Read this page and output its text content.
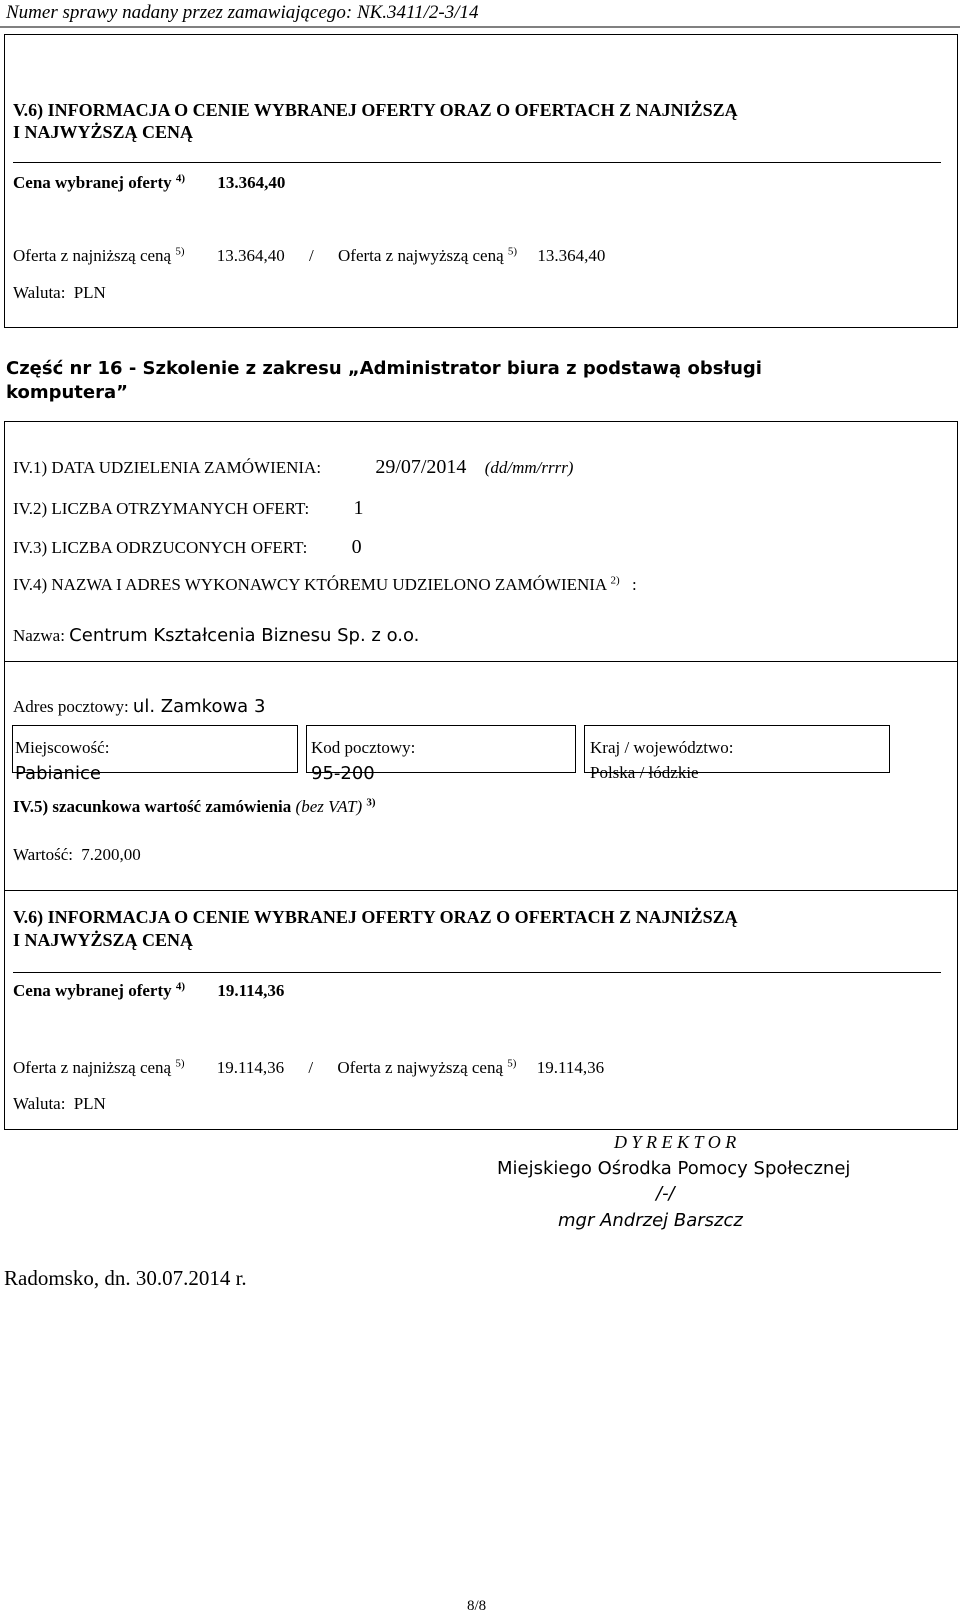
Numer sprawy nadany przez zamawiającego: NK.3411/2-3/14
V.6) INFORMACJA O CENIE WYBRANEJ OFERTY ORAZ O OFERTACH Z NAJNIŻSZĄ
I NAJWYŻSZĄ CENĄ
Cena wybranej oferty $^{4)}$ 13.364,40
Oferta z najniższą ceną $^{5)}$ 13.364,40 / Oferta z najwyższą ceną $^{5)}$ 13.364,40
Waluta: PLN
Część nr 16 - Szkolenie z zakresu „Administrator biura z podstawą obsługi
komputera”
IV.1) DATA UDZIELENIA ZAMÓWIENIA:	29/07/2014 (dd/mm/rrrr)
IV.2) LICZBA OTRZYMANYCH OFERT: 1
IV.3) LICZBA ODRZUCONYCH OFERT: 0
IV.4) NAZWA I ADRES WYKONAWCY KTÓREMU UDZIELONO ZAMÓWIENIA $^{2)}$ :
Nazwa: Centrum Kształcenia Biznesu Sp. z o.o.
Adres pocztowy: ul. Zamkowa 3
Miejscowość:
Pabianice
Kod pocztowy:
95-200
Kraj / województwo:
Polska / łódzkie
IV.5) szacunkowa wartość zamówienia (bez VAT) $^{3)}$
Wartość: 7.200,00
V.6) INFORMACJA O CENIE WYBRANEJ OFERTY ORAZ O OFERTACH Z NAJNIŻSZĄ
I NAJWYŻSZĄ CENĄ
Cena wybranej oferty $^{4)}$ 19.114,36
Oferta z najniższą ceną $^{5)}$ 19.114,36 / Oferta z najwyższą ceną $^{5)}$ 19.114,36
Waluta: PLN
D Y R E K T O R
Miejskiego Ośrodka Pomocy Społecznej
/-/
mgr Andrzej Barszcz
Radomsko, dn. 30.07.2014 r.
8/8
